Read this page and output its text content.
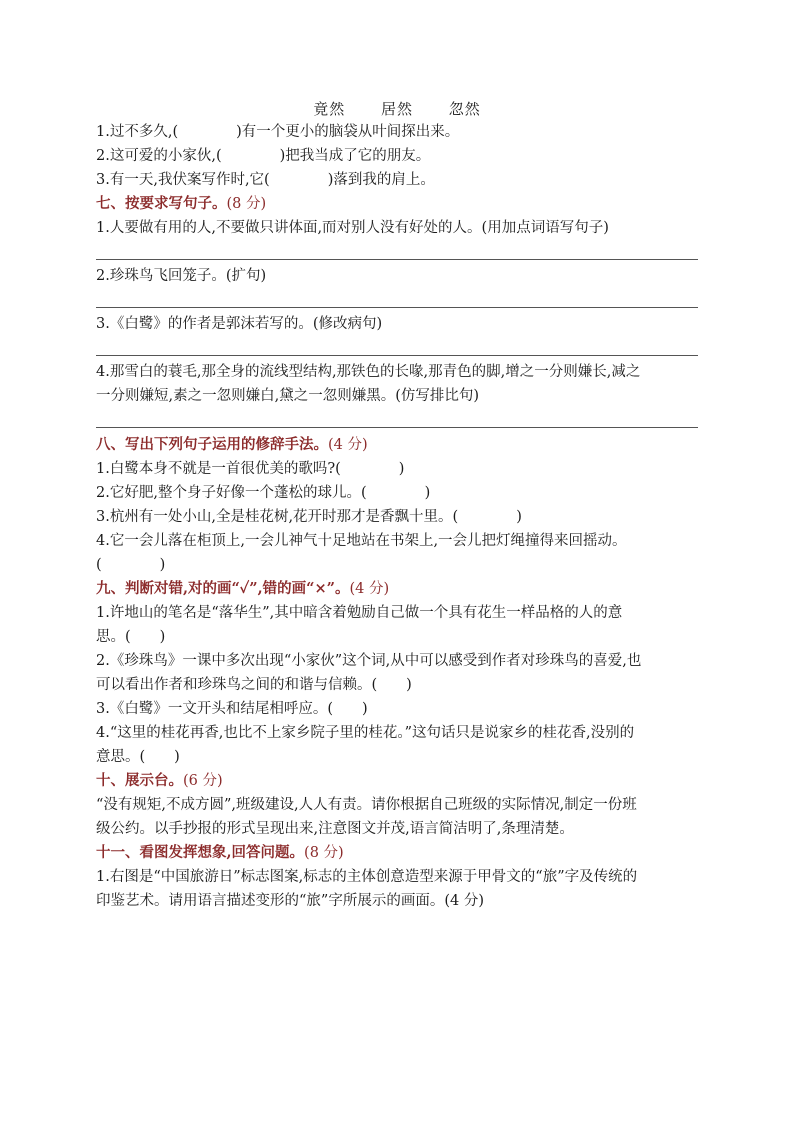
竟然 居然 忽然
1.过不多久,(　　　　)有一个更小的脑袋从叶间探出来。
2.这可爱的小家伙,(　　　　)把我当成了它的朋友。
3.有一天,我伏案写作时,它(　　　　)落到我的肩上。
七、按要求写句子。(8 分)
1.人要做有用的人,不要做只讲体面,而对别人没有好处的人。(用加点词语写句子)
2.珍珠鸟飞回笼子。(扩句)
3.《白鹭》的作者是郭沫若写的。(修改病句)
4.那雪白的蓑毛,那全身的流线型结构,那铁色的长喙,那青色的脚,增之一分则嫌长,减之
一分则嫌短,素之一忽则嫌白,黛之一忽则嫌黑。(仿写排比句)
八、写出下列句子运用的修辞手法。(4 分)
1.白鹭本身不就是一首很优美的歌吗?(　　　　)
2.它好肥,整个身子好像一个蓬松的球儿。(　　　　)
3.杭州有一处小山,全是桂花树,花开时那才是香飘十里。(　　　　)
4.它一会儿落在柜顶上,一会儿神气十足地站在书架上,一会儿把灯绳撞得来回摇动。
(　　　　)
九、判断对错,对的画“✓”,错的画“×”。(4 分)
1.许地山的笔名是“落华生”,其中暗含着勉励自己做一个具有花生一样品格的人的意
思。(　　)
2.《珍珠鸟》一课中多次出现“小家伙”这个词,从中可以感受到作者对珍珠鸟的喜爱,也
可以看出作者和珍珠鸟之间的和谐与信赖。(　　)
3.《白鹭》一文开头和结尾相呼应。(　　)
4.“这里的桂花再香,也比不上家乡院子里的桂花。”这句话只是说家乡的桂花香,没别的
意思。(　　)
十、展示台。(6 分)
“没有规矩,不成方圆”,班级建设,人人有责。请你根据自己班级的实际情况,制定一份班
级公约。以手抄报的形式呈现出来,注意图文并茂,语言简洁明了,条理清楚。
十一、看图发挥想象,回答问题。(8 分)
1.右图是“中国旅游日”标志图案,标志的主体创意造型来源于甲骨文的“旅”字及传统的
印鉴艺术。请用语言描述变形的“旅”字所展示的画面。(4 分)
